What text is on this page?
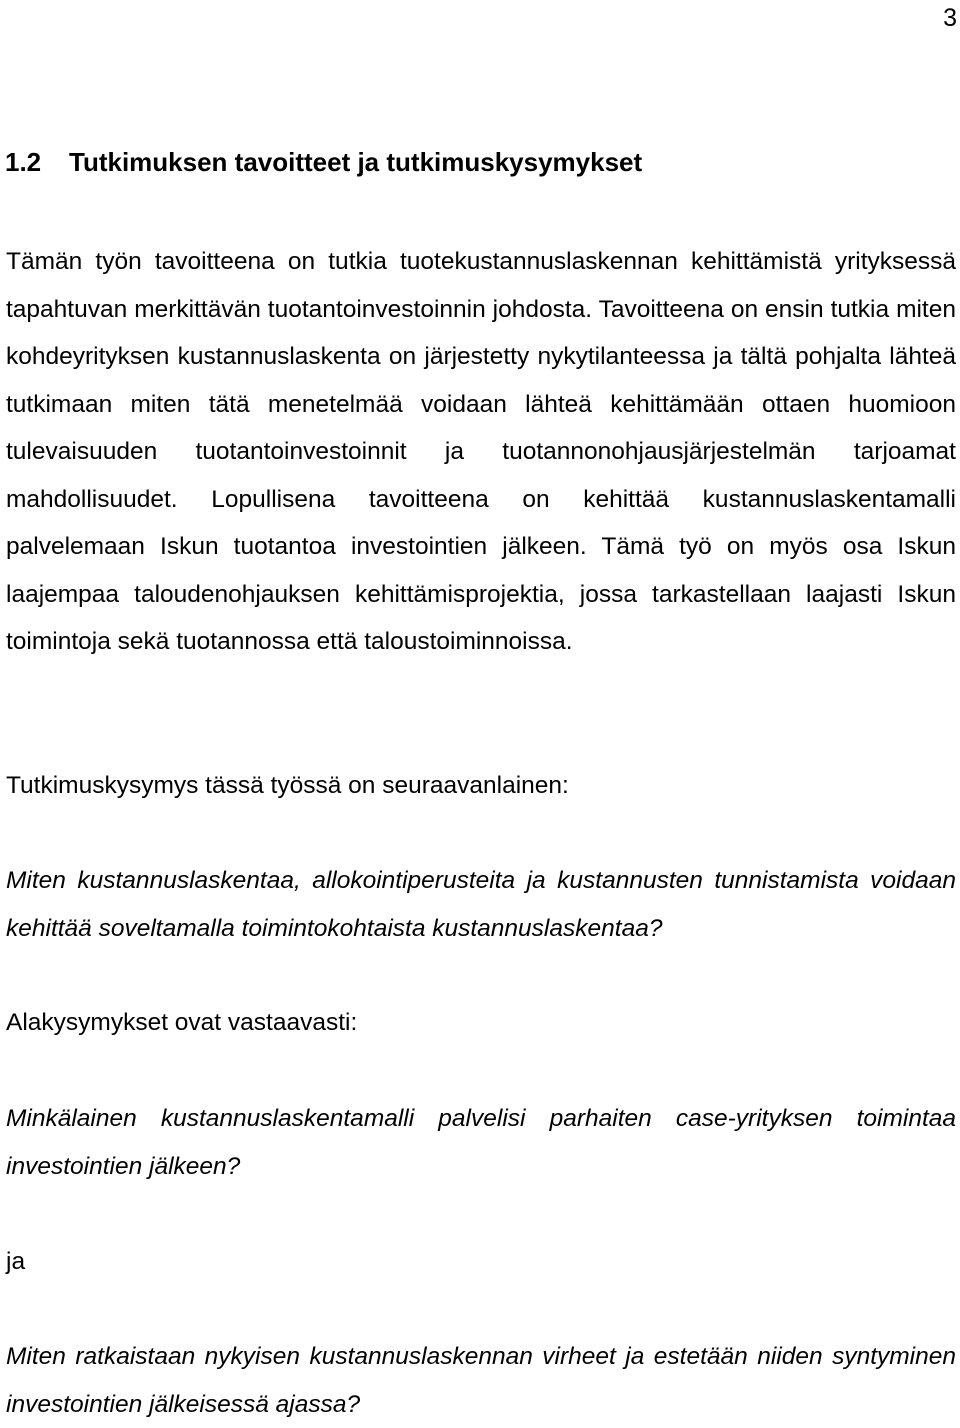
3
1.2 Tutkimuksen tavoitteet ja tutkimuskysymykset

Tämän työn tavoitteena on tutkia tuotekustannuslaskennan kehittämistä yrityksessä tapahtuvan merkittävän tuotantoinvestoinnin johdosta. Tavoitteena on ensin tutkia miten kohdeyrityksen kustannuslaskenta on järjestetty nykytilanteessa ja tältä pohjalta lähteä tutkimaan miten tätä menetelmää voidaan lähteä kehittämään ottaen huomioon tulevaisuuden tuotantoinvestoinnit ja tuotannonohjausjärjestelmän tarjoamat mahdollisuudet. Lopullisena tavoitteena on kehittää kustannuslaskentamalli palvelemaan Iskun tuotantoa investointien jälkeen. Tämä työ on myös osa Iskun laajempaa taloudenohjauksen kehittämisprojektia, jossa tarkastellaan laajasti Iskun toimintoja sekä tuotannossa että taloustoiminnoissa.

Tutkimuskysymys tässä työssä on seuraavanlainen:

Miten kustannuslaskentaa, allokointiperusteita ja kustannusten tunnistamista voidaan kehittää soveltamalla toimintokohtaista kustannuslaskentaa?

Alakysymykset ovat vastaavasti:

Minkälainen kustannuslaskentamalli palvelisi parhaiten case-yrityksen toimintaa investointien jälkeen?

ja

Miten ratkaistaan nykyisen kustannuslaskennan virheet ja estetään niiden syntyminen investointien jälkeisessä ajassa?
